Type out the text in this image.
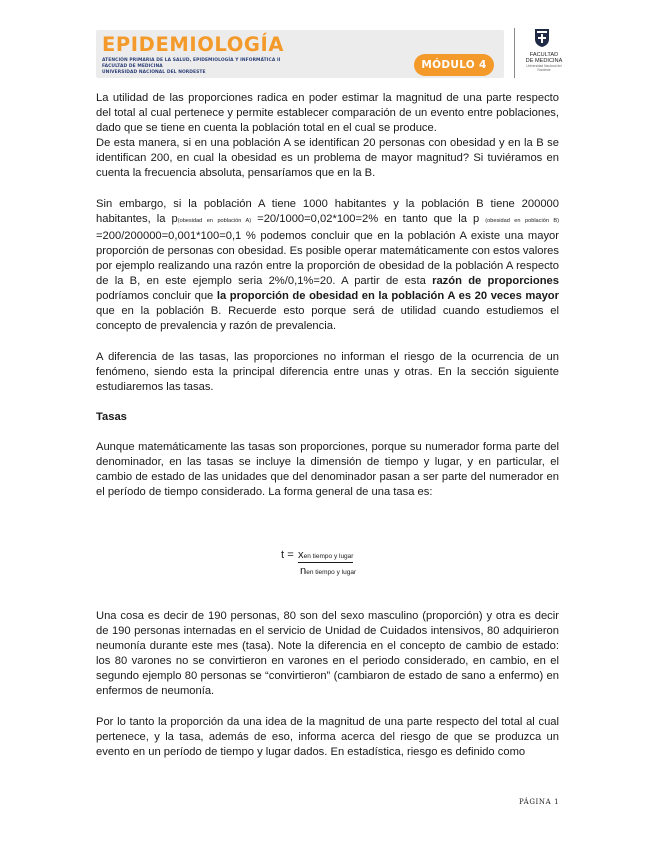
EPIDEMIOLOGÍA
ATENCIÓN PRIMARIA DE LA SALUD, EPIDEMIOLOGÍA Y INFORMÁTICA II
FACULTAD DE MEDICINA
UNIVERSIDAD NACIONAL DEL NORDESTE
MÓDULO 4
FACULTAD
DE MEDICINA
Universidad Nacional del Nordeste

La utilidad de las proporciones radica en poder estimar la magnitud de una parte respecto del total al cual pertenece y permite establecer comparación de un evento entre poblaciones, dado que se tiene en cuenta la población total en el cual se produce.

De esta manera, si en una población A se identifican 20 personas con obesidad y en la B se identifican 200, en cual la obesidad es un problema de mayor magnitud? Si tuviéramos en cuenta la frecuencia absoluta, pensaríamos que en la B.

Sin embargo, si la población A tiene 1000 habitantes y la población B tiene 200000 habitantes, la p(obesidad en población A) =20/1000=0,02*100=2% en tanto que la p (obesidad en población B) =200/200000=0,001*100=0,1 % podemos concluir que en la población A existe una mayor proporción de personas con obesidad. Es posible operar matemáticamente con estos valores por ejemplo realizando una razón entre la proporción de obesidad de la población A respecto de la B, en este ejemplo seria 2%/0,1%=20. A partir de esta razón de proporciones podríamos concluir que la proporción de obesidad en la población A es 20 veces mayor que en la población B. Recuerde esto porque será de utilidad cuando estudiemos el concepto de prevalencia y razón de prevalencia.

A diferencia de las tasas, las proporciones no informan el riesgo de la ocurrencia de un fenómeno, siendo esta la principal diferencia entre unas y otras. En la sección siguiente estudiaremos las tasas.

Tasas

Aunque matemáticamente las tasas son proporciones, porque su numerador forma parte del denominador, en las tasas se incluye la dimensión de tiempo y lugar, y en particular, el cambio de estado de las unidades que del denominador pasan a ser parte del numerador en el período de tiempo considerado. La forma general de una tasa es:

t = xen tiempo y lugar
nen tiempo y lugar

Una cosa es decir de 190 personas, 80 son del sexo masculino (proporción) y otra es decir de 190 personas internadas en el servicio de Unidad de Cuidados intensivos, 80 adquirieron neumonía durante este mes (tasa). Note la diferencia en el concepto de cambio de estado: los 80 varones no se convirtieron en varones en el periodo considerado, en cambio, en el segundo ejemplo 80 personas se “convirtieron” (cambiaron de estado de sano a enfermo) en enfermos de neumonía.

Por lo tanto la proporción da una idea de la magnitud de una parte respecto del total al cual pertenece, y la tasa, además de eso, informa acerca del riesgo de que se produzca un evento en un período de tiempo y lugar dados. En estadística, riesgo es definido como

PÁGINA 1
